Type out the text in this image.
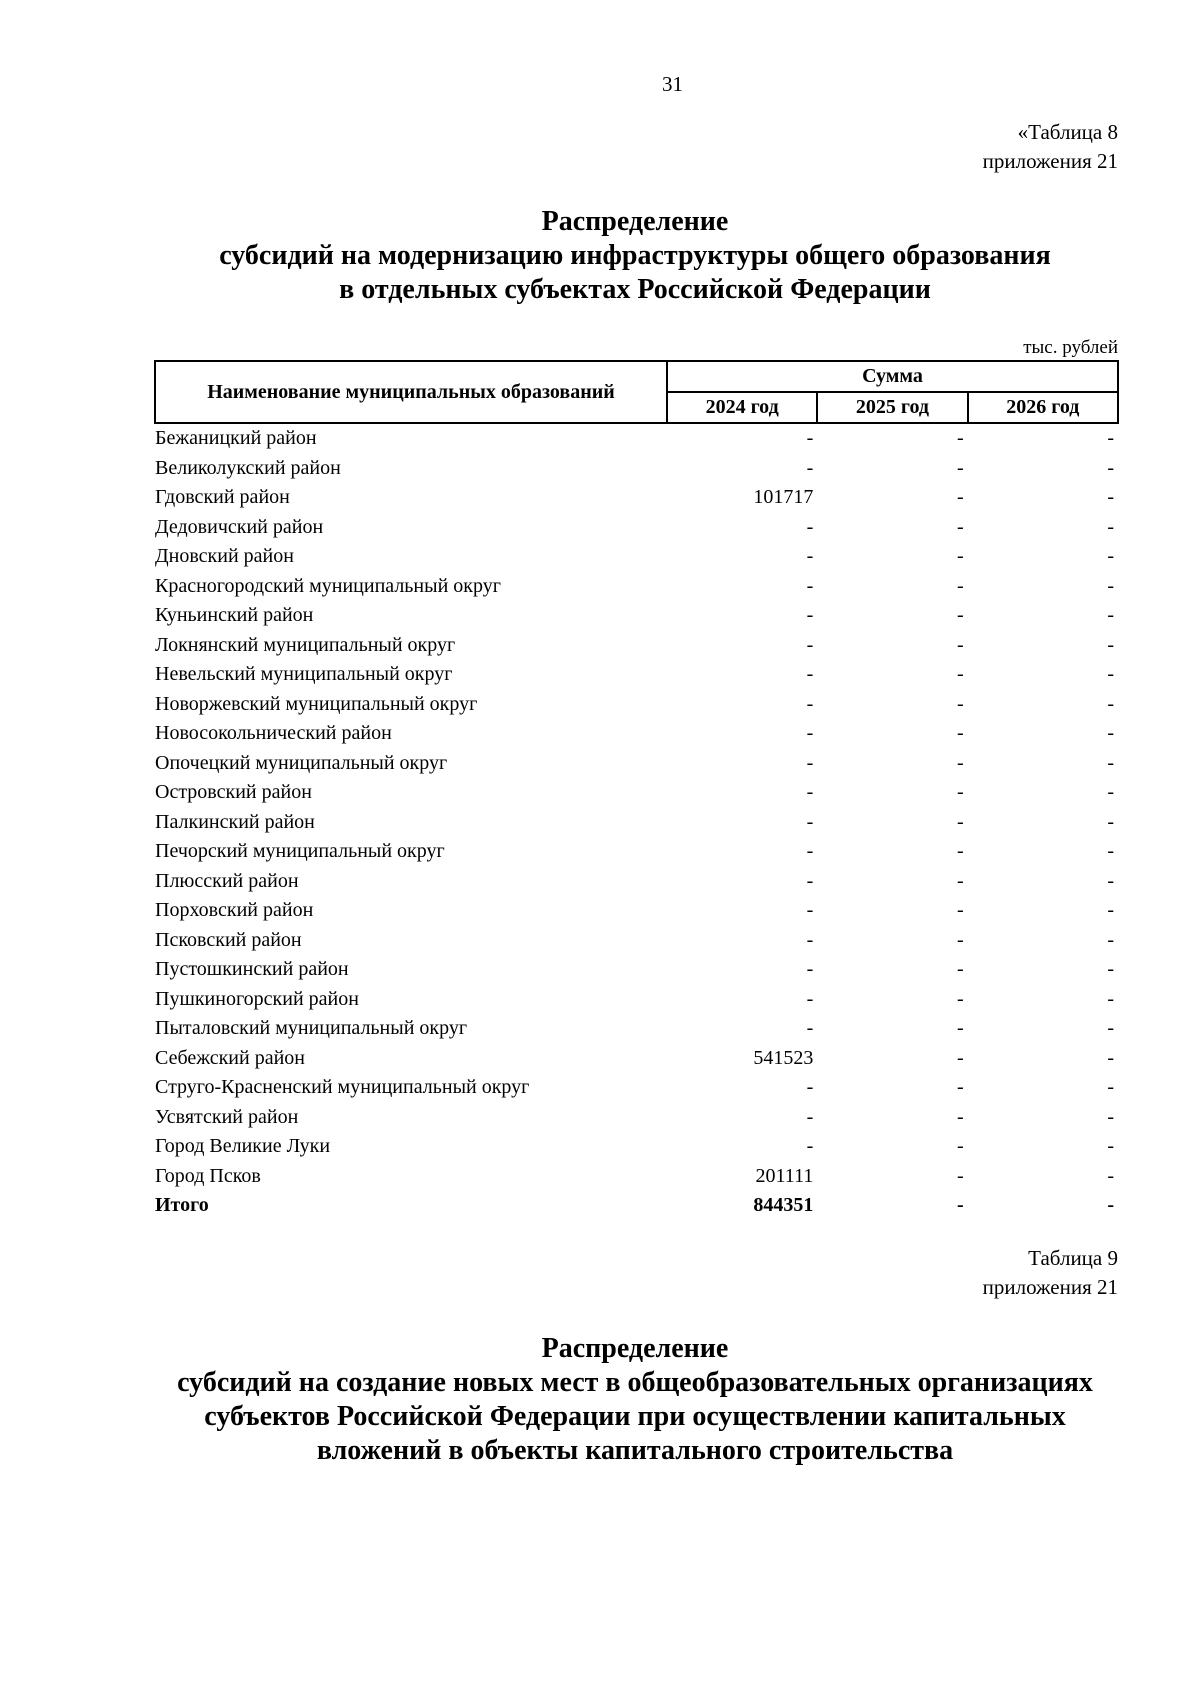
31
«Таблица 8
приложения 21
Распределение
субсидий на модернизацию инфраструктуры общего образования
в отдельных субъектах Российской Федерации
тыс. рублей
Наименование муниципальных образований	Сумма		
	2024 год	2025 год	2026 год
Бежаницкий район	-	-	-
Великолукский район	-	-	-
Гдовский район	101717	-	-
Дедовичский район	-	-	-
Дновский район	-	-	-
Красногородский муниципальный округ	-	-	-
Куньинский район	-	-	-
Локнянский муниципальный округ	-	-	-
Невельский муниципальный округ	-	-	-
Новоржевский муниципальный округ	-	-	-
Новосокольнический район	-	-	-
Опочецкий муниципальный округ	-	-	-
Островский район	-	-	-
Палкинский район	-	-	-
Печорский муниципальный округ	-	-	-
Плюсский район	-	-	-
Порховский район	-	-	-
Псковский район	-	-	-
Пустошкинский район	-	-	-
Пушкиногорский район	-	-	-
Пыталовский муниципальный округ	-	-	-
Себежский район	541523	-	-
Струго-Красненский муниципальный округ	-	-	-
Усвятский район	-	-	-
Город Великие Луки	-	-	-
Город Псков	201111	-	-
Итого	844351	-	-
Таблица 9
приложения 21
Распределение
субсидий на создание новых мест в общеобразовательных организациях
субъектов Российской Федерации при осуществлении капитальных
вложений в объекты капитального строительства
